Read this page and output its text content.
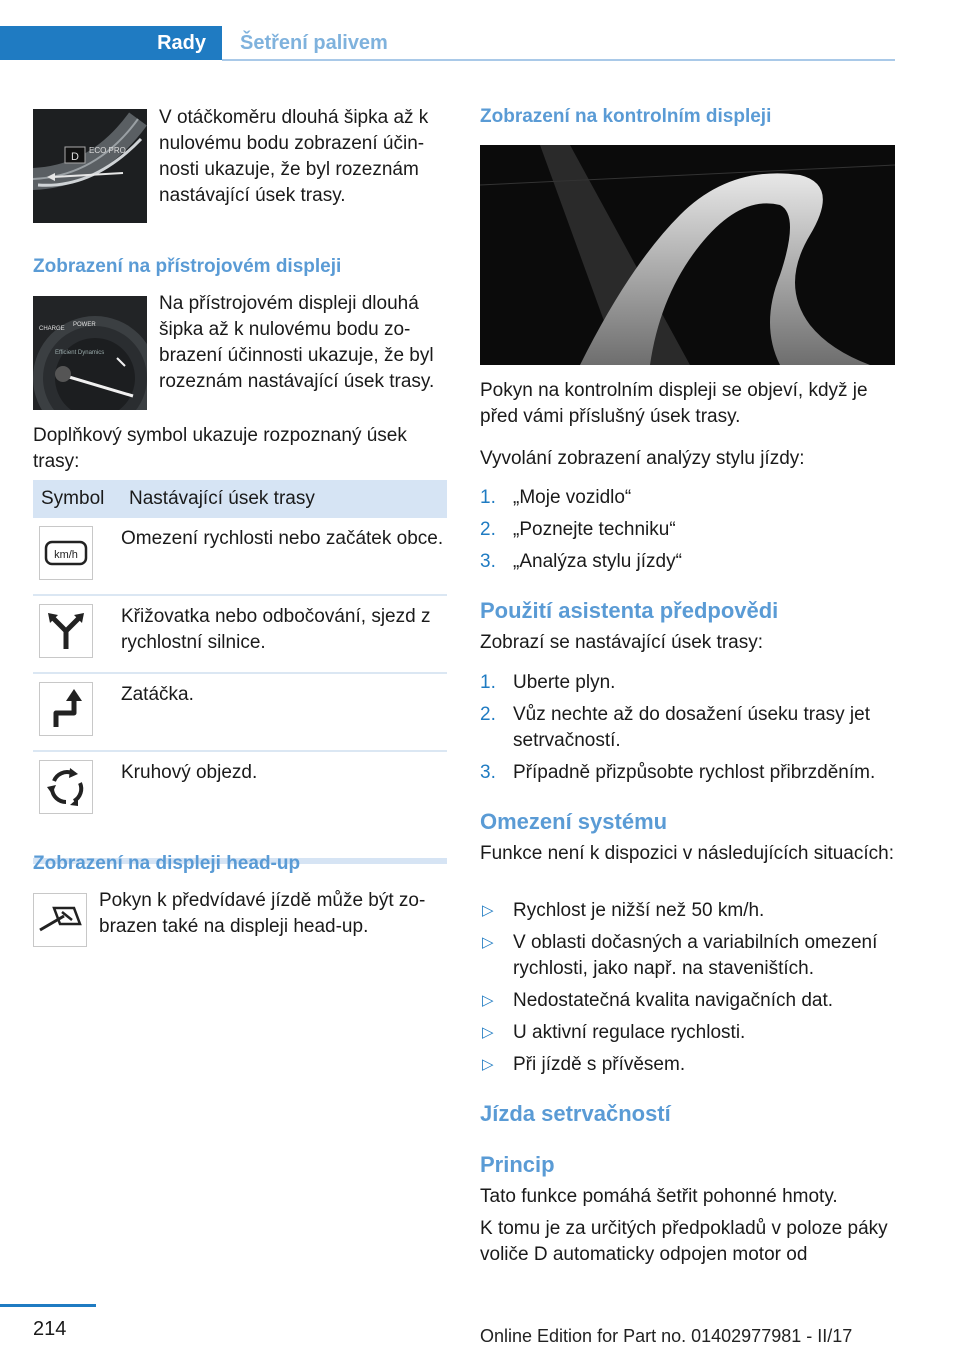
Rady	Šetření palivem
D
ECO PRO

V otáčkoměru dlouhá šipka až k nulovému bodu zobrazení účinnosti ukazuje, že byl rozeznám nastávající úsek trasy.

Zobrazení na přístrojovém displeji
CHARGE
POWER
Efficient Dynamics

Na přístrojovém displeji dlouhá šipka až k nulovému bodu zobrazení účinnosti ukazuje, že byl rozeznám nastávající úsek trasy.

Doplňkový symbol ukazuje rozpoznaný úsek trasy:

Symbol	Nastávající úsek trasy
km/h
Omezení rychlosti nebo začátek obce.
Křižovatka nebo odbočování, sjezd z rychlostní silnice.
Zatáčka.
Kruhový objezd.
Zobrazení na displeji head-up

Pokyn k předvídavé jízdě může být zobrazen také na displeji head-up.

Zobrazení na kontrolním displeji

Pokyn na kontrolním displeji se objeví, když je před vámi příslušný úsek trasy.

Vyvolání zobrazení analýzy stylu jízdy:

1. „Moje vozidlo“
2. „Poznejte techniku“
3. „Analýza stylu jízdy“
Použití asistenta předpovědi

Zobrazí se nastávající úsek trasy:

1. Uberte plyn.
2. Vůz nechte až do dosažení úseku trasy jet setrvačností.
3. Případně přizpůsobte rychlost přibrzděním.
Omezení systému

Funkce není k dispozici v následujících situacích:

▷ Rychlost je nižší než 50 km/h.
▷ V oblasti dočasných a variabilních omezení rychlosti, jako např. na staveništích.
▷ Nedostatečná kvalita navigačních dat.
▷ U aktivní regulace rychlosti.
▷ Při jízdě s přívěsem.
Jízda setrvačností
Princip

Tato funkce pomáhá šetřit pohonné hmoty.

K tomu je za určitých předpokladů v poloze páky voliče D automaticky odpojen motor od

214	Online Edition for Part no. 01402977981 - II/17
